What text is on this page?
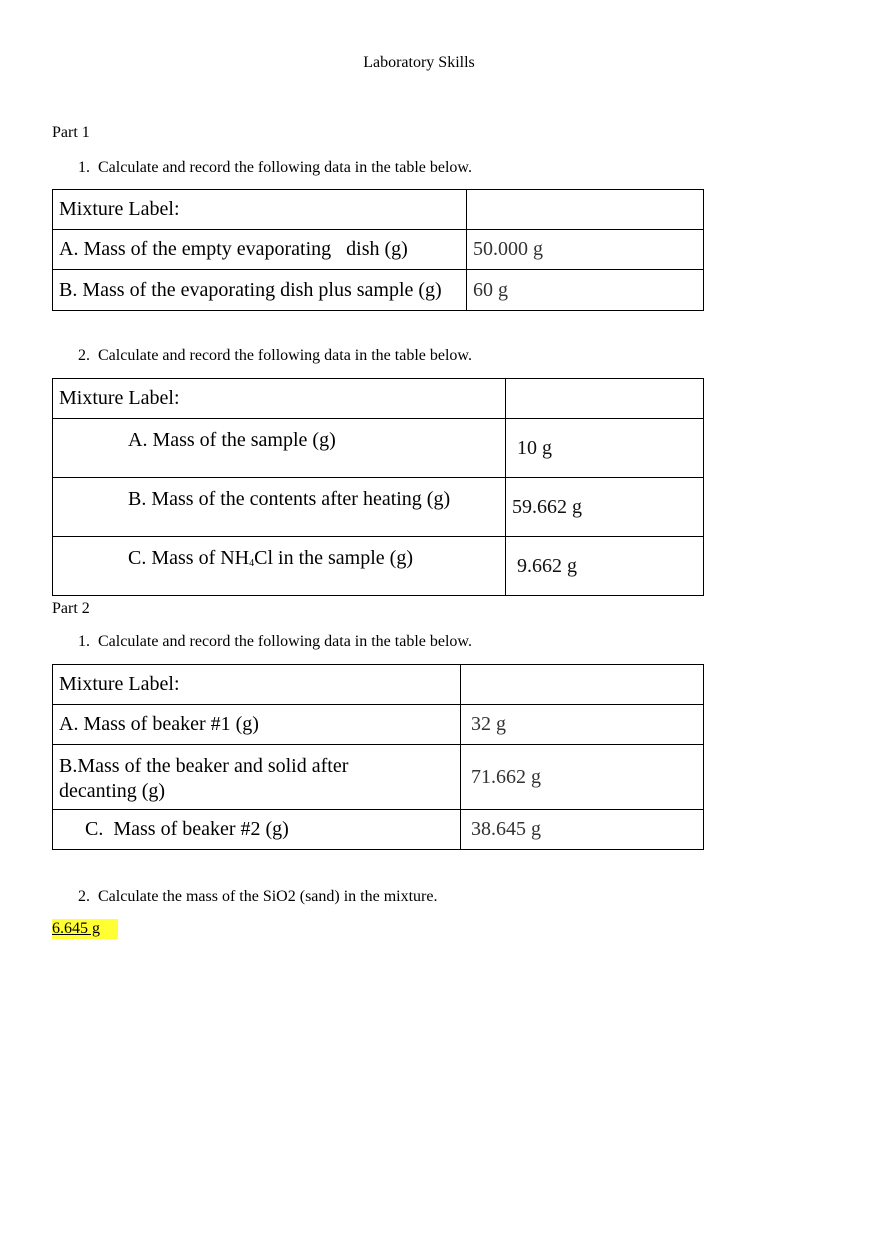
Laboratory Skills
Part 1
1. Calculate and record the following data in the table below.
Mixture Label:	
A. Mass of the empty evaporating   dish (g)	50.000 g
B. Mass of the evaporating dish plus sample (g)	60 g
2. Calculate and record the following data in the table below.
Mixture Label:	
A. Mass of the sample (g)	10 g
B. Mass of the contents after heating (g)	59.662 g
C. Mass of $NH_4Cl$ in the sample (g)	9.662 g
Part 2
1. Calculate and record the following data in the table below.
Mixture Label:	
A. Mass of beaker #1 (g)	32 g
B.Mass of the beaker and solid after decanting (g)	71.662 g
C.  Mass of beaker #2 (g)	38.645 g
2. Calculate the mass of the SiO2 (sand) in the mixture.
6.645 g
